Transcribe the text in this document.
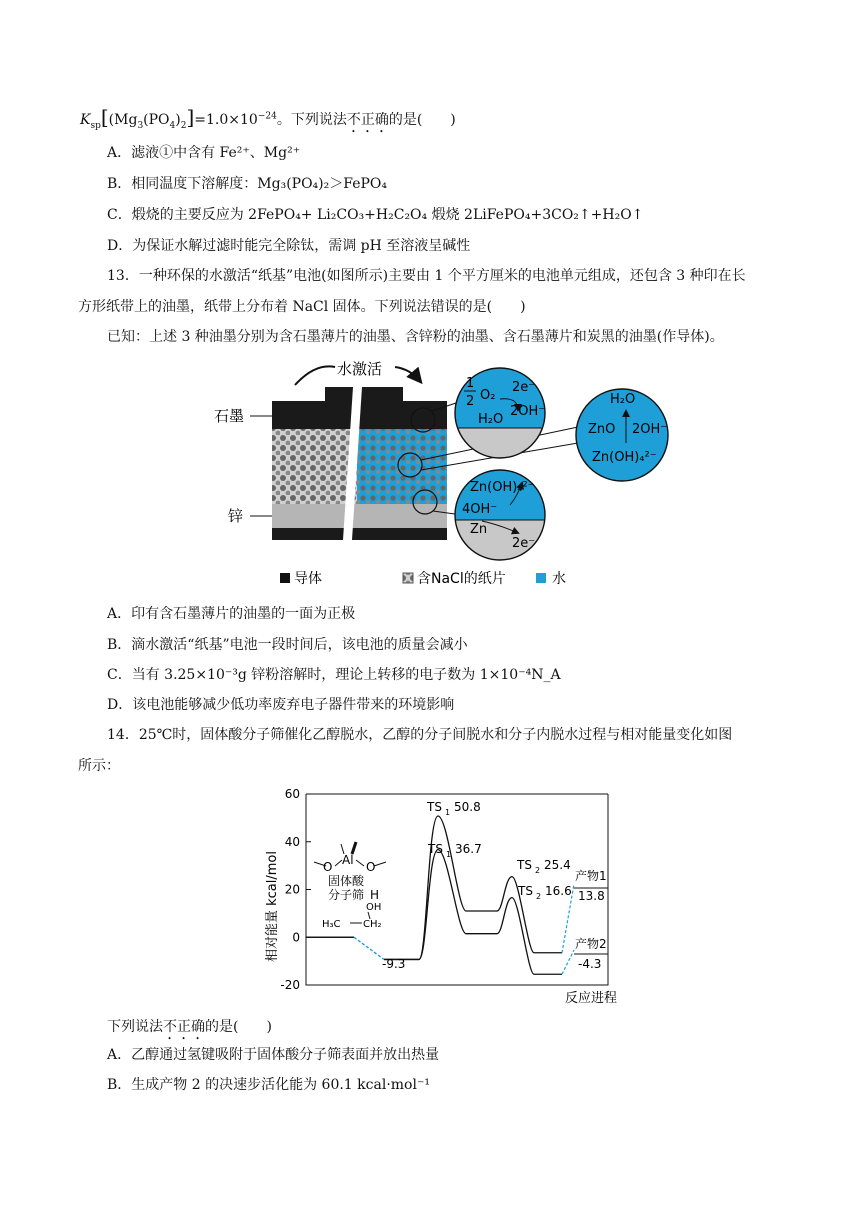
$K_{sp}[(Mg_3(PO_4)_2]=1.0\times 10^{-24}$。下列说法不正确的是(　　)
A．滤液①中含有 Fe²⁺、Mg²⁺
B．相同温度下溶解度：Mg₃(PO₄)₂＞FePO₄
C．煅烧的主要反应为 2FePO₄+ Li₂CO₃+H₂C₂O₄ 煅烧 2LiFePO₄+3CO₂↑+H₂O↑
D．为保证水解过滤时能完全除钛，需调 pH 至溶液呈碱性
13．一种环保的水激活“纸基”电池(如图所示)主要由 1 个平方厘米的电池单元组成，还包含 3 种印在长
方形纸带上的油墨，纸带上分布着 NaCl 固体。下列说法错误的是(　　)
已知：上述 3 种油墨分别为含石墨薄片的油墨、含锌粉的油墨、含石墨薄片和炭黑的油墨(作导体)。
水激活
石墨
锌
2e⁻
1
2 O₂
H₂O
2OH⁻
H₂O
ZnO 2OH⁻
Zn(OH)₄²⁻
Zn(OH)₄²⁻
4OH⁻
Zn
2e⁻
导体	含NaCl的纸片	水
A．印有含石墨薄片的油墨的一面为正极
B．滴水激活“纸基”电池一段时间后，该电池的质量会减小
C．当有 3.25×10⁻³g 锌粉溶解时，理论上转移的电子数为 1×10⁻⁴N_A
D．该电池能够减少低功率废弃电子器件带来的环境影响
14．25℃时，固体酸分子筛催化乙醇脱水，乙醇的分子间脱水和分子内脱水过程与相对能量变化如图
所示：
-20
0
20
40
60
相对能量 kcal/mol
反应进程
O Al O
固体酸
分子筛 H
OH
H₃C CH₂
-9.3
TS 1 50.8
TS 1 36.7
TS 2 25.4
TS 2 16.6
产物1
13.8
产物2
-4.3
下列说法不正确的是(　　)
A．乙醇通过氢键吸附于固体酸分子筛表面并放出热量
B．生成产物 2 的决速步活化能为 60.1 kcal·mol⁻¹
